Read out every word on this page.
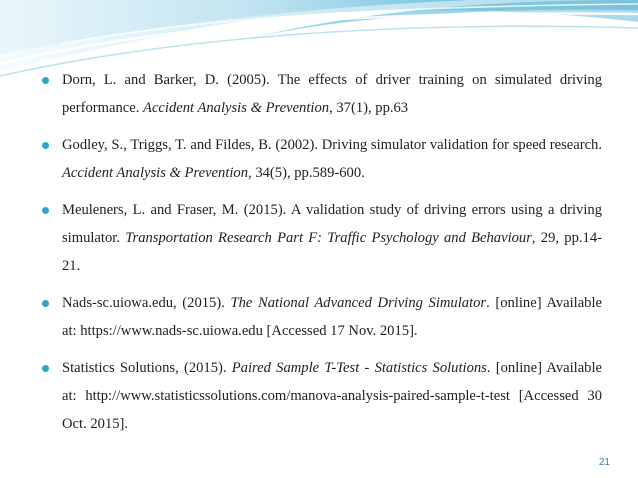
Dorn, L. and Barker, D. (2005). The effects of driver training on simulated driving performance. Accident Analysis & Prevention, 37(1), pp.63
Godley, S., Triggs, T. and Fildes, B. (2002). Driving simulator validation for speed research. Accident Analysis & Prevention, 34(5), pp.589-600.
Meuleners, L. and Fraser, M. (2015). A validation study of driving errors using a driving simulator. Transportation Research Part F: Traffic Psychology and Behaviour, 29, pp.14-21.
Nads-sc.uiowa.edu, (2015). The National Advanced Driving Simulator. [online] Available at: https://www.nads-sc.uiowa.edu [Accessed 17 Nov. 2015].
Statistics Solutions, (2015). Paired Sample T-Test - Statistics Solutions. [online] Available at: http://www.statisticssolutions.com/manova-analysis-paired-sample-t-test [Accessed 30 Oct. 2015].
21
